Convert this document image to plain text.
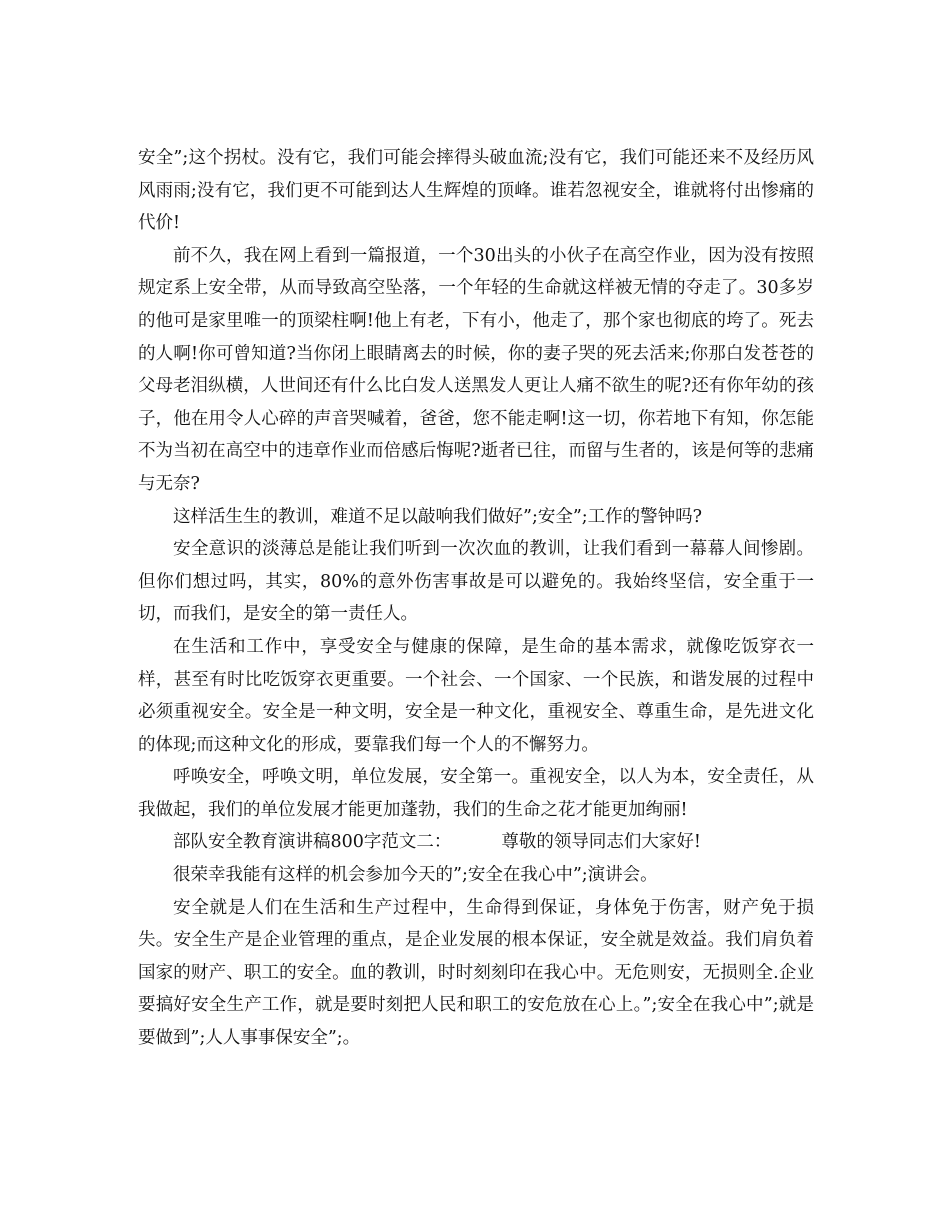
安全”;这个拐杖。没有它，我们可能会摔得头破血流;没有它，我们可能还来不及经历风风雨雨;没有它，我们更不可能到达人生辉煌的顶峰。谁若忽视安全，谁就将付出惨痛的代价!

前不久，我在网上看到一篇报道，一个30出头的小伙子在高空作业，因为没有按照规定系上安全带，从而导致高空坠落，一个年轻的生命就这样被无情的夺走了。30多岁的他可是家里唯一的顶梁柱啊!他上有老，下有小，他走了，那个家也彻底的垮了。死去的人啊!你可曾知道?当你闭上眼睛离去的时候，你的妻子哭的死去活来;你那白发苍苍的父母老泪纵横，人世间还有什么比白发人送黑发人更让人痛不欲生的呢?还有你年幼的孩子，他在用令人心碎的声音哭喊着，爸爸，您不能走啊!这一切，你若地下有知，你怎能不为当初在高空中的违章作业而倍感后悔呢?逝者已往，而留与生者的，该是何等的悲痛与无奈?

这样活生生的教训，难道不足以敲响我们做好”;安全”;工作的警钟吗?

安全意识的淡薄总是能让我们听到一次次血的教训，让我们看到一幕幕人间惨剧。但你们想过吗，其实，80%的意外伤害事故是可以避免的。我始终坚信，安全重于一切，而我们，是安全的第一责任人。

在生活和工作中，享受安全与健康的保障，是生命的基本需求，就像吃饭穿衣一样，甚至有时比吃饭穿衣更重要。一个社会、一个国家、一个民族，和谐发展的过程中必须重视安全。安全是一种文明，安全是一种文化，重视安全、尊重生命，是先进文化的体现;而这种文化的形成，要靠我们每一个人的不懈努力。

呼唤安全，呼唤文明，单位发展，安全第一。重视安全，以人为本，安全责任，从我做起，我们的单位发展才能更加蓬勃，我们的生命之花才能更加绚丽!

部队安全教育演讲稿800字范文二：	尊敬的领导同志们大家好!

很荣幸我能有这样的机会参加今天的”;安全在我心中”;演讲会。

安全就是人们在生活和生产过程中，生命得到保证，身体免于伤害，财产免于损失。安全生产是企业管理的重点，是企业发展的根本保证，安全就是效益。我们肩负着国家的财产、职工的安全。血的教训，时时刻刻印在我心中。无危则安，无损则全.企业要搞好安全生产工作，就是要时刻把人民和职工的安危放在心上。”;安全在我心中”;就是要做到”;人人事事保安全”;。
